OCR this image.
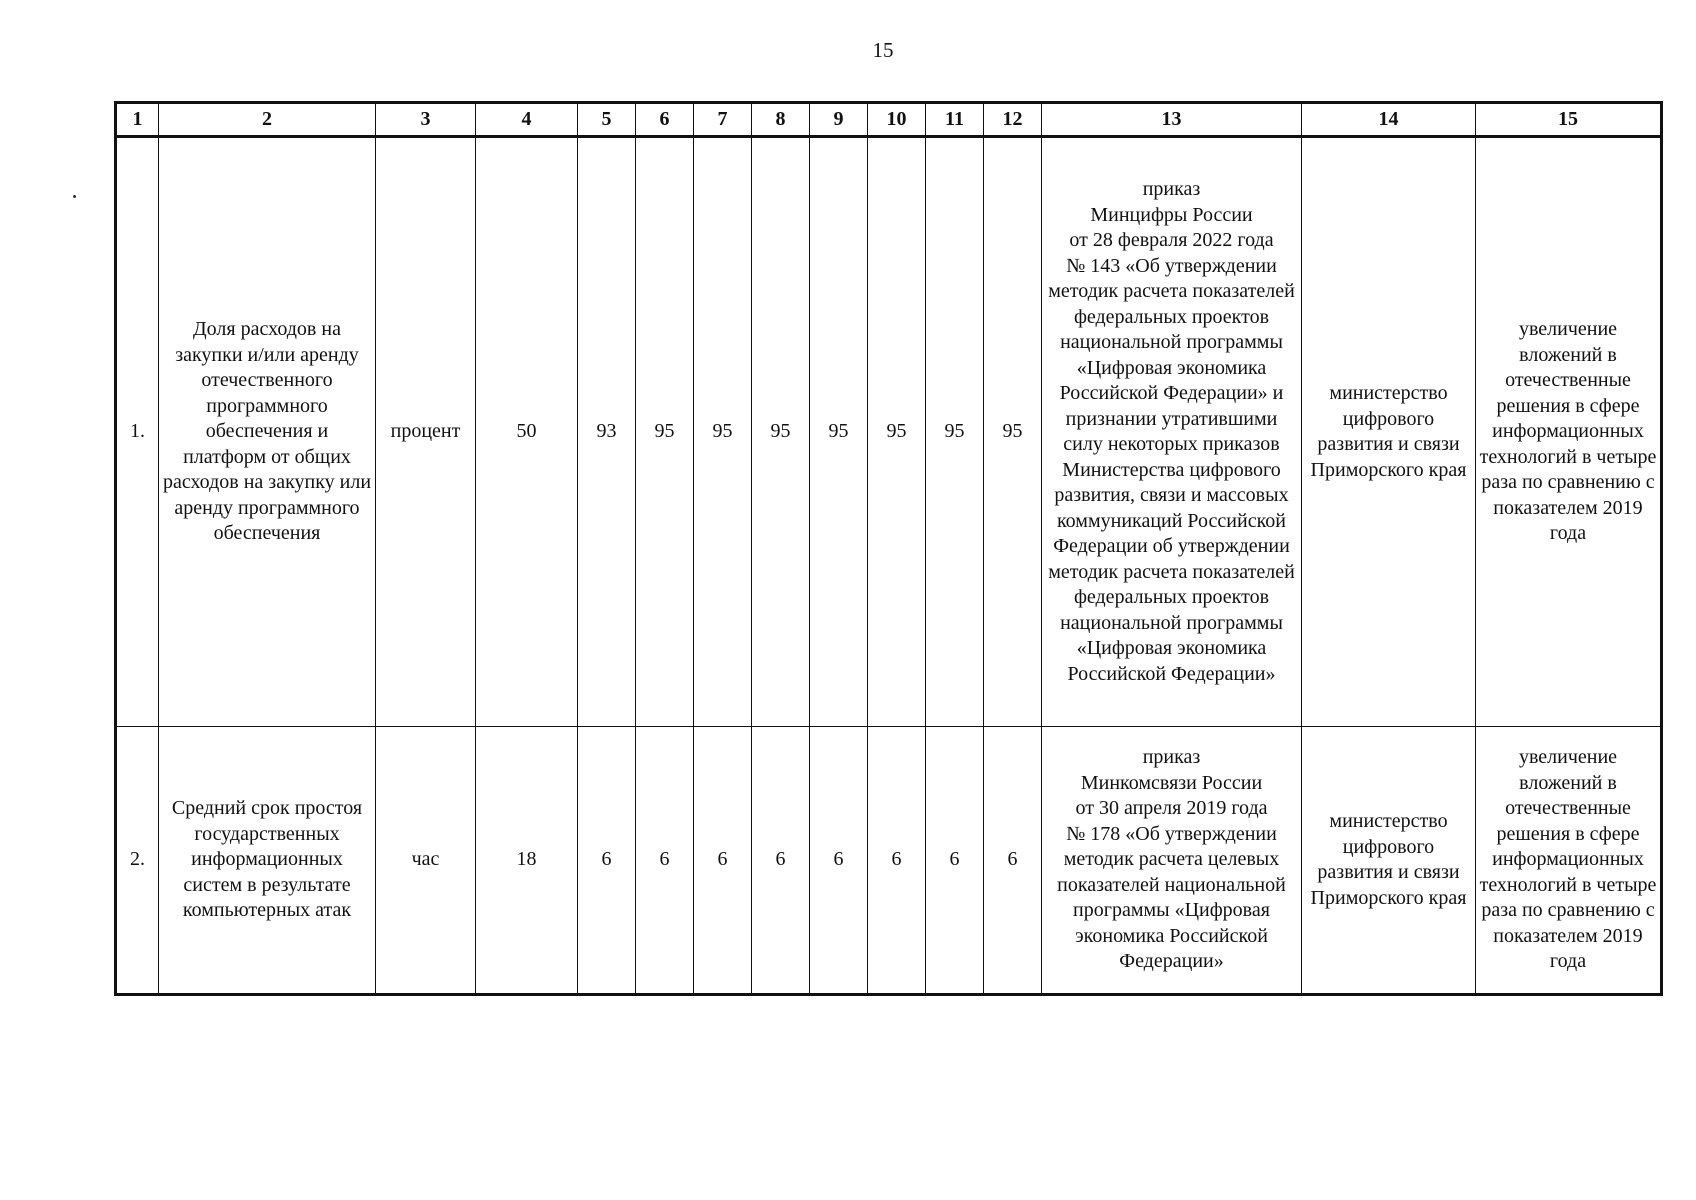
15
1	2	3	4	5	6	7	8	9	10	11	12	13	14	15
1.	Доля расходов на закупки и/или аренду отечественного программного обеспечения и платформ от общих расходов на закупку или аренду программного обеспечения	процент	50	93	95	95	95	95	95	95	95	приказ
Минцифры России
от 28 февраля 2022 года
№ 143 «Об утверждении методик расчета показателей федеральных проектов национальной программы «Цифровая экономика Российской Федерации» и признании утратившими силу некоторых приказов Министерства цифрового развития, связи и массовых коммуникаций Российской Федерации об утверждении методик расчета показателей федеральных проектов национальной программы «Цифровая экономика Российской Федерации»	министерство цифрового развития и связи Приморского края	увеличение вложений в отечественные решения в сфере информационных технологий в четыре раза по сравнению с показателем 2019 года
2.	Средний срок простоя государственных информационных систем в результате компьютерных атак	час	18	6	6	6	6	6	6	6	6	приказ
Минкомсвязи России
от 30 апреля 2019 года
№ 178 «Об утверждении методик расчета целевых показателей национальной программы «Цифровая экономика Российской Федерации»	министерство цифрового развития и связи Приморского края	увеличение вложений в отечественные решения в сфере информационных технологий в четыре раза по сравнению с показателем 2019 года
